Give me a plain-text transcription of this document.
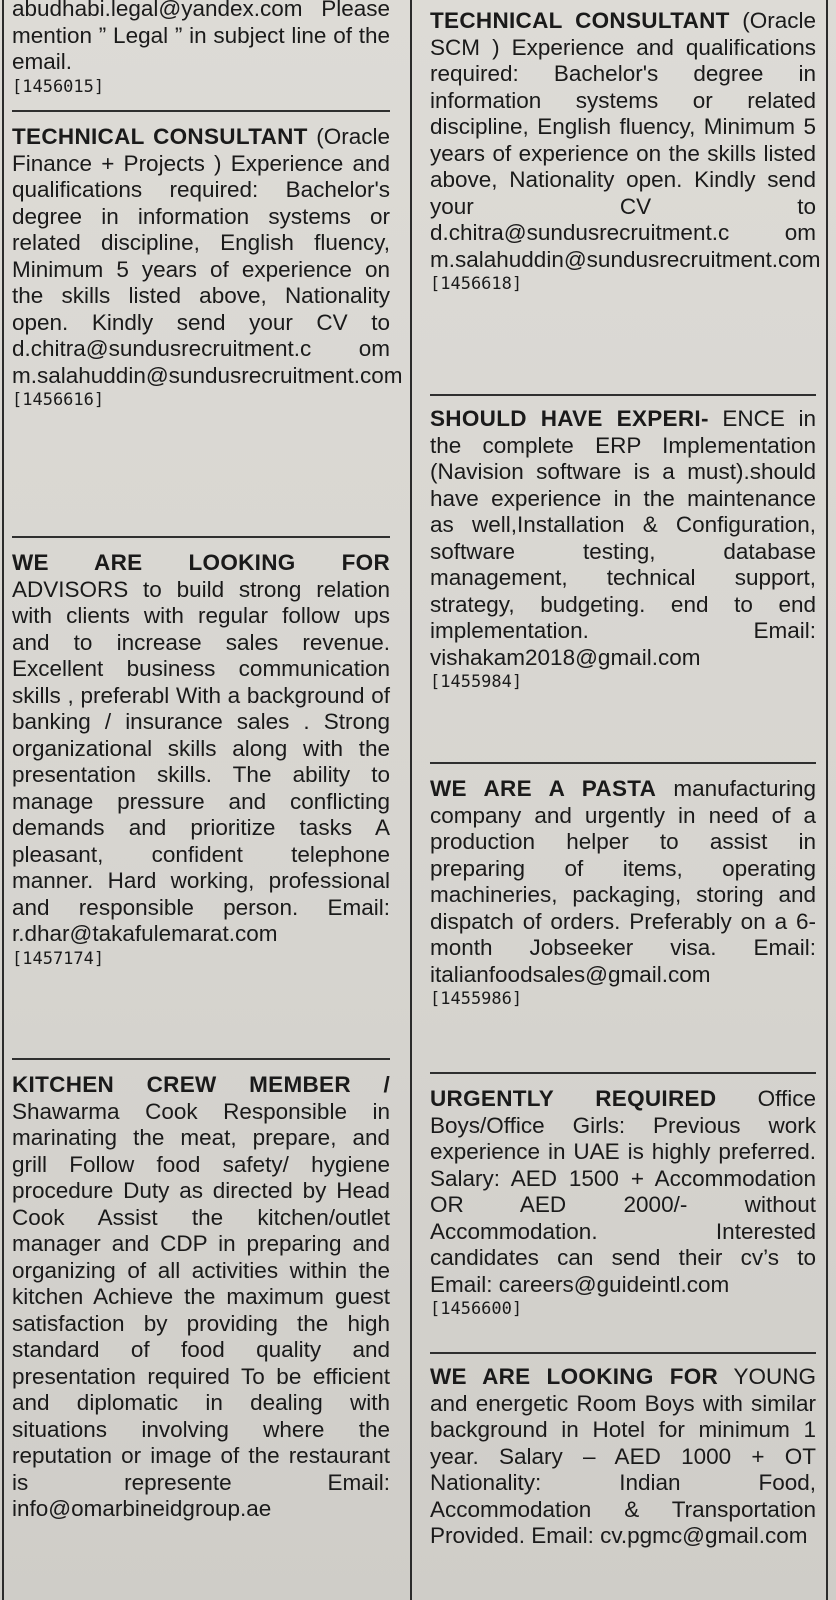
abudhabi.legal@yandex.com Please mention ” Legal ” in subject line of the email.

[1456015]

TECHNICAL CONSULTANT (Oracle Finance + Projects ) Experience and qualifications required: Bachelor's degree in information systems or related discipline, English fluency, Minimum 5 years of experience on the skills listed above, Nationality open. Kindly send your CV to d.chitra@sundusrecruitment.c om m.salahuddin@sundusrecruitment.com

[1456616]

WE ARE LOOKING FOR ADVISORS to build strong relation with clients with regular follow ups and to increase sales revenue. Excellent business communication skills , preferabl With a background of banking / insurance sales . Strong organizational skills along with the presentation skills. The ability to manage pressure and conflicting demands and prioritize tasks A pleasant, confident telephone manner. Hard working, professional and responsible person. Email: r.dhar@takafulemarat.com

[1457174]

KITCHEN CREW MEMBER / Shawarma Cook Responsible in marinating the meat, prepare, and grill Follow food safety/ hygiene procedure Duty as directed by Head Cook Assist the kitchen/outlet manager and CDP in preparing and organizing of all activities within the kitchen Achieve the maximum guest satisfaction by providing the high standard of food quality and presentation required To be efficient and diplomatic in dealing with situations involving where the reputation or image of the restaurant is represente Email: info@omarbineidgroup.ae

TECHNICAL CONSULTANT (Oracle SCM ) Experience and qualifications required: Bachelor's degree in information systems or related discipline, English fluency, Minimum 5 years of experience on the skills listed above, Nationality open. Kindly send your CV to d.chitra@sundusrecruitment.c om m.salahuddin@sundusrecruitment.com

[1456618]

SHOULD HAVE EXPERI- ENCE in the complete ERP Implementation (Navision software is a must).should have experience in the maintenance as well,Installation & Configuration, software testing, database management, technical support, strategy, budgeting. end to end implementation. Email: vishakam2018@gmail.com

[1455984]

WE ARE A PASTA manufacturing company and urgently in need of a production helper to assist in preparing of items, operating machineries, packaging, storing and dispatch of orders. Preferably on a 6-month Jobseeker visa. Email: italianfoodsales@gmail.com

[1455986]

URGENTLY REQUIRED Office Boys/Office Girls: Previous work experience in UAE is highly preferred. Salary: AED 1500 + Accommodation OR AED 2000/- without Accommodation. Interested candidates can send their cv’s to Email: careers@guideintl.com

[1456600]

WE ARE LOOKING FOR YOUNG and energetic Room Boys with similar background in Hotel for minimum 1 year. Salary – AED 1000 + OT Nationality: Indian Food, Accommodation & Transportation Provided. Email: cv.pgmc@gmail.com
